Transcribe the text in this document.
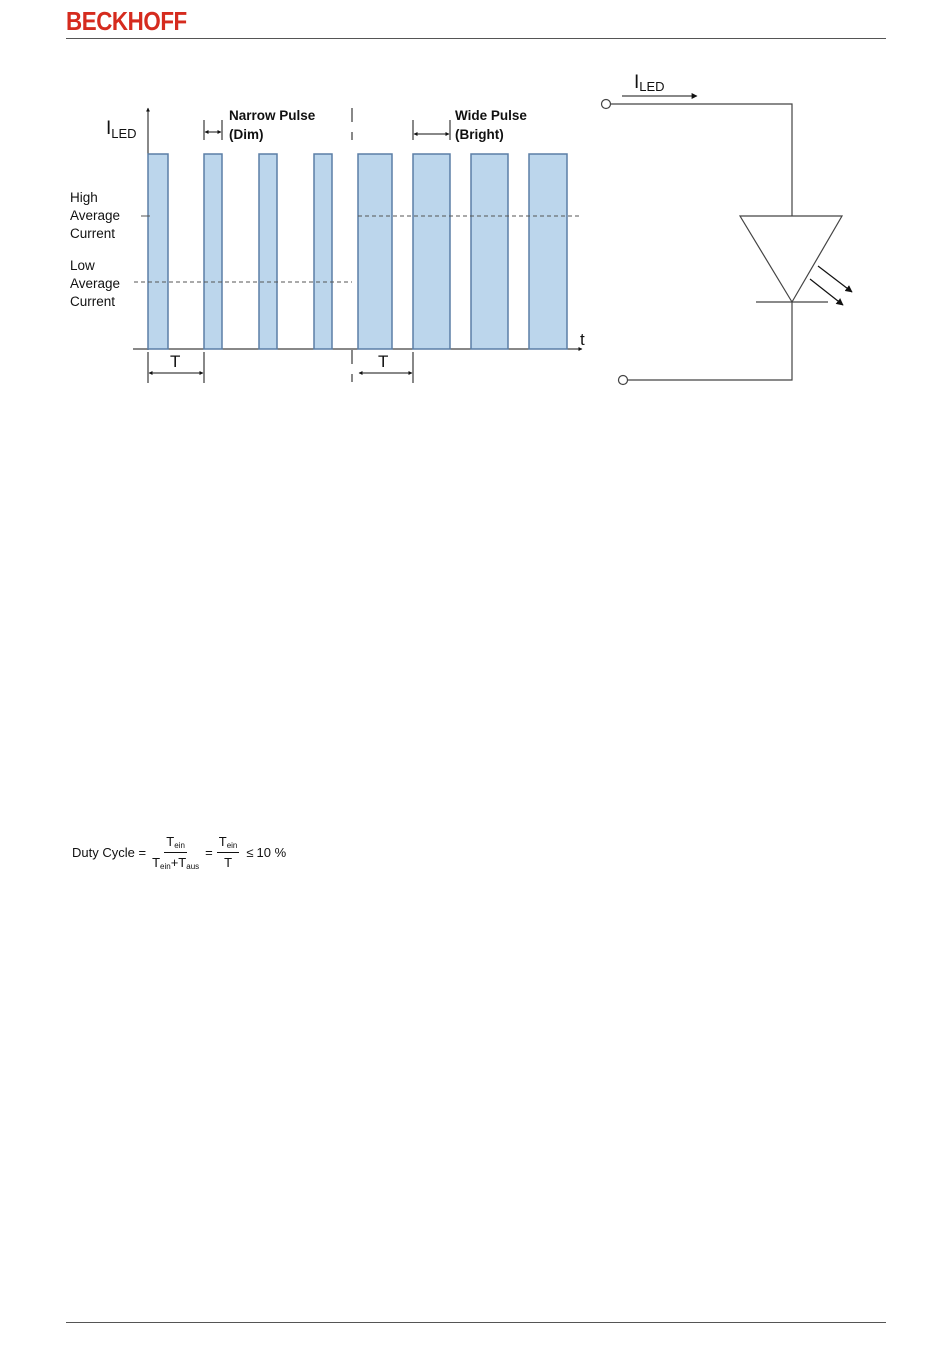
BECKHOFF
$I_{LED}$
t
High
Average
Current
Low
Average
Current
Narrow Pulse (Dim)
Wide Pulse (Bright)
T	T
ILED
Duty Cycle = $\frac{T_{ein}}{T_{ein}+T_{aus}} = \frac{T_{ein}}{T} \le 10$ %
